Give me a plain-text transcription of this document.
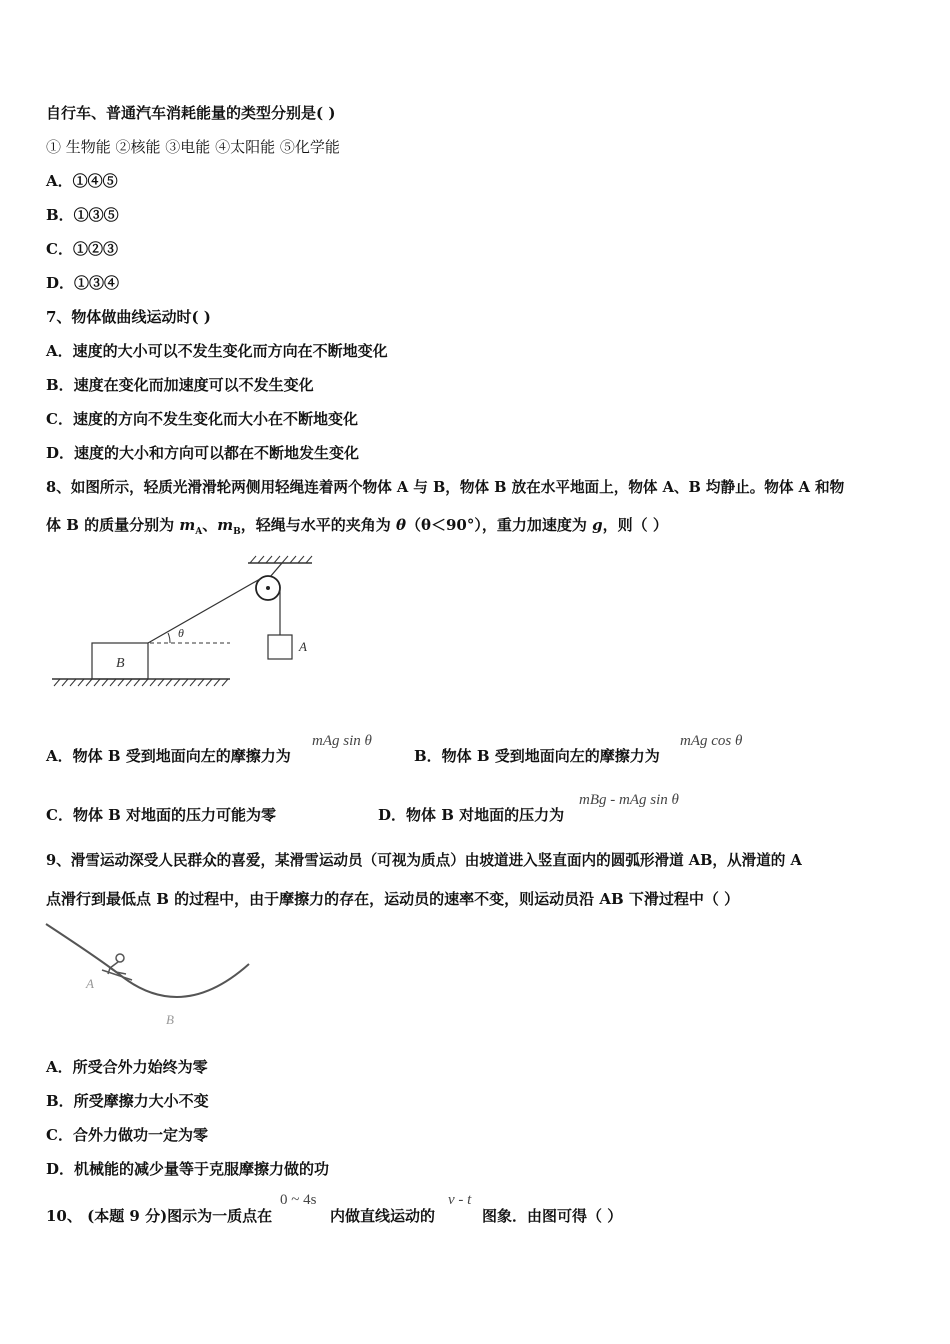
自行车、普通汽车消耗能量的类型分别是( )
① 生物能 ②核能 ③电能 ④太阳能 ⑤化学能
A．①④⑤
B．①③⑤
C．①②③
D．①③④
7、物体做曲线运动时( )
A．速度的大小可以不发生变化而方向在不断地变化
B．速度在变化而加速度可以不发生变化
C．速度的方向不发生变化而大小在不断地变化
D．速度的大小和方向可以都在不断地发生变化
8、如图所示，轻质光滑滑轮两侧用轻绳连着两个物体 A 与 B，物体 B 放在水平地面上，物体 A、B 均静止。物体 A 和物
体 B 的质量分别为 $m_A$、$m_B$，轻绳与水平的夹角为 θ（θ＜90°），重力加速度为 g，则（ ）
A
θ
B
A．物体 B 受到地面向左的摩擦力为
mAg sin θ
B．物体 B 受到地面向左的摩擦力为
mAg cos θ
C．物体 B 对地面的压力可能为零	D．物体 B 对地面的压力为
mBg - mAg sin θ
9、滑雪运动深受人民群众的喜爱，某滑雪运动员（可视为质点）由坡道进入竖直面内的圆弧形滑道 AB，从滑道的 A
点滑行到最低点 B 的过程中，由于摩擦力的存在，运动员的速率不变，则运动员沿 AB 下滑过程中（ ）
A
B
A．所受合外力始终为零
B．所受摩擦力大小不变
C．合外力做功一定为零
D．机械能的减少量等于克服摩擦力做的功
10、 (本题 9 分)图示为一质点在
0 ~ 4s
内做直线运动的
v - t
图象．由图可得（ ）
